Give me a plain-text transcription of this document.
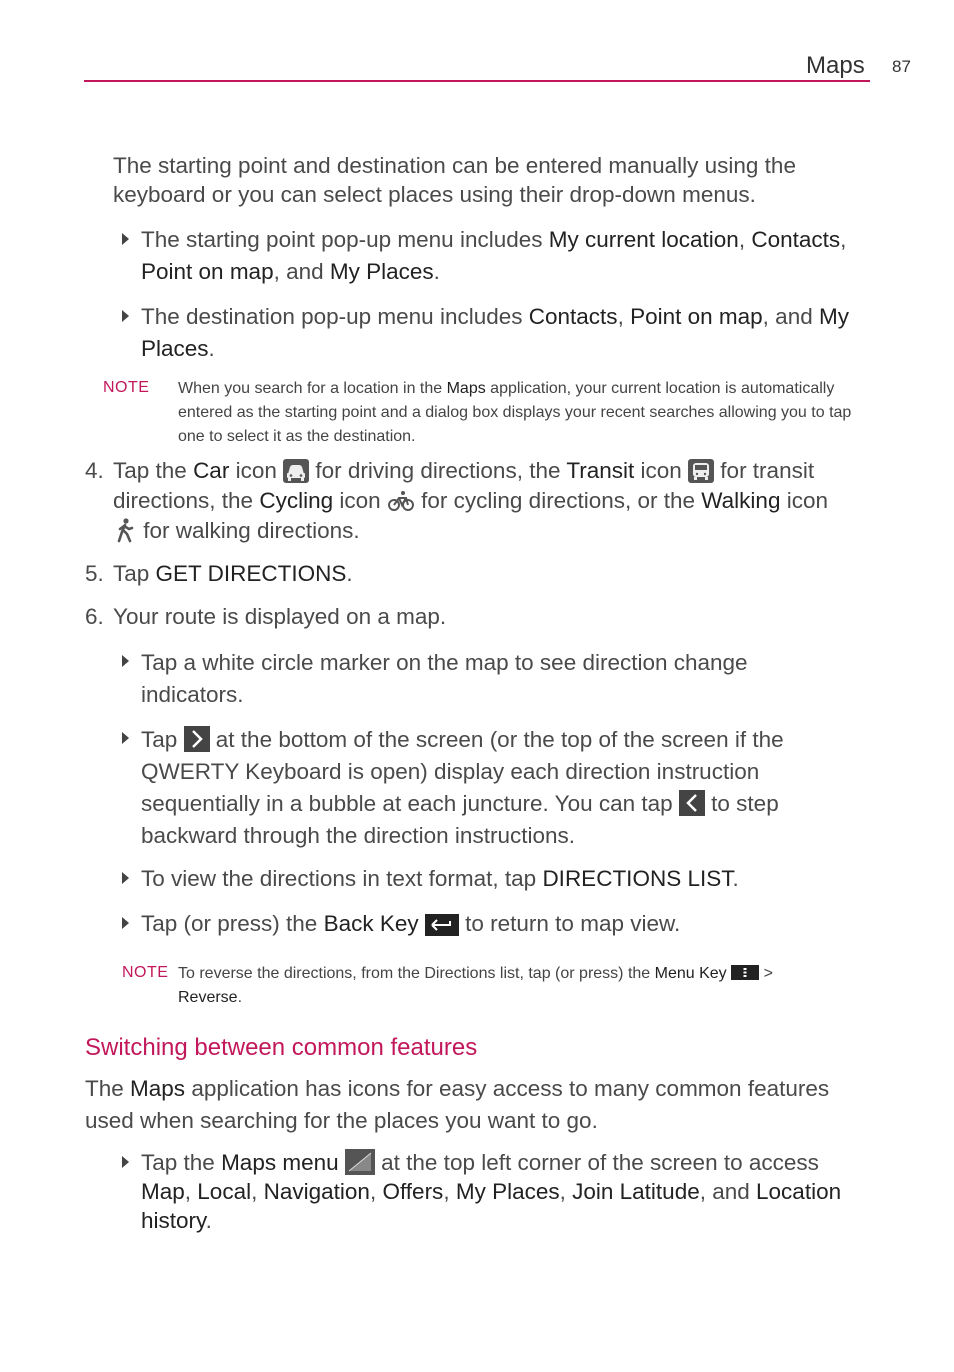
Maps 87

The starting point and destination can be entered manually using the keyboard or you can select places using their drop-down menus.

The starting point pop-up menu includes My current location, Contacts, Point on map, and My Places.

The destination pop-up menu includes Contacts, Point on map, and My Places.

NOTE When you search for a location in the Maps application, your current location is automatically entered as the starting point and a dialog box displays your recent searches allowing you to tap one to select it as the destination.
4. Tap the Car icon
for driving directions, the Transit icon
for transit directions, the Cycling icon
for cycling directions, or the Walking icon

for walking directions.

5. Tap GET DIRECTIONS.

6. Your route is displayed on a map.

Tap a white circle marker on the map to see direction change indicators.

Tap
at the bottom of the screen (or the top of the screen if the QWERTY Keyboard is open) display each direction instruction sequentially in a bubble at each juncture. You can tap
to step backward through the direction instructions.

To view the directions in text format, tap DIRECTIONS LIST.

Tap (or press) the Back Key
to return to map view.

NOTE To reverse the directions, from the Directions list, tap (or press) the Menu Key
>
Reverse.
Switching between common features

The Maps application has icons for easy access to many common features used when searching for the places you want to go.

Tap the Maps menu
at the top left corner of the screen to access Map, Local, Navigation, Offers, My Places, Join Latitude, and Location history.
